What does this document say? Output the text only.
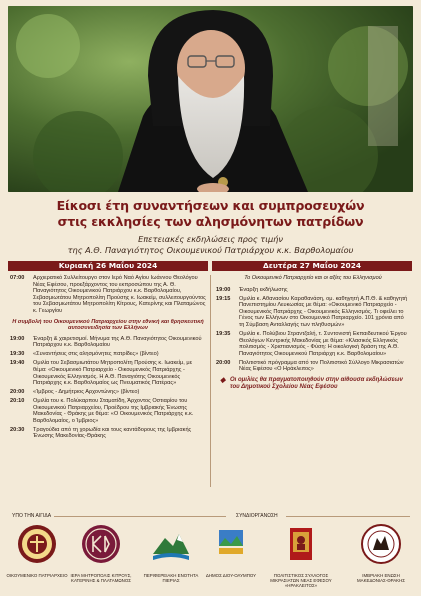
Είκοσι έτη συναντήσεων και συμπροσευχών
στις εκκλησίες των αλησμόνητων πατρίδων
Επετειακές εκδηλώσεις προς τιμήν
της Α.Θ. Παναγιότητος Οικουμενικού Πατριάρχου κ.κ. Βαρθολομαίου
Κυριακή 26 Μαΐου 2024	Δευτέρα 27 Μαΐου 2024
07:00	Αρχιερατικό Συλλείτουργο στον Ιερό Ναό Αγίου Ιωάννου Θεολόγου Νέας Εφέσου, προεξάρχοντος του εκπροσώπου της Α. Θ. Παναγιότητος Οικουμενικού Πατριάρχου κ.κ. Βαρθολομαίου, Σεβασμιωτάτου Μητροπολίτη Προύσης κ. Ιωακείμ, συλλειτουργούντος του Σεβασμιωτάτου Μητροπολίτη Κίτρους, Κατερίνης και Πλαταμώνος κ. Γεωργίου
Η συμβολή του Οικουμενικού Πατριαρχείου στην εθνική και θρησκευτική αυτοσυνειδησία των Ελλήνων
19:00	Έναρξη & χαιρετισμοί. Μήνυμα της Α.Θ. Παναγιότητος Οικουμενικού Πατριάρχου κ.κ. Βαρθολομαίου
19:30	«Συναντήσεις στις αλησμόνητες πατρίδες» (βίντεο)
19:40	Ομιλία του Σεβασμιωτάτου Μητροπολίτη Προύσης κ. Ιωακείμ, με θέμα: «Οικουμενικό Πατριαρχείο - Οικουμενικός Πατριάρχης - Οικουμενικός Ελληνισμός. Η Α.Θ. Παναγιότης Οικουμενικός Πατριάρχης κ.κ. Βαρθολομαίος ως Πνευματικός Πατέρας»
20:00	«Ίμβρος - Δημήτριος Αρχοντώνης» (βίντεο)
20:10	Ομιλία του κ. Πολύκαρπου Σταματίδη, Άρχοντος Οστιαρίου του Οικουμενικού Πατριαρχείου, Προέδρου της Ιμβριακής Ένωσης Μακεδονίας - Θράκης με θέμα: «Ο Οικουμενικός Πατριάρχης κ.κ. Βαρθολομαίος, ο Ίμβριος»
20:30	Τραγούδια από τη χορωδία και τους καντάδορους της Ιμβριακής Ένωσης Μακεδονίας-Θράκης
Το Οικουμενικό Πατριαρχείο και οι αξίες του Ελληνισμού
19:00	Έναρξη εκδήλωσης
19:15	Ομιλία κ. Αθανασίου Καραθανάση, ομ. καθηγητή Α.Π.Θ. & καθηγητή Πανεπιστημίου Λευκωσίας με θέμα: «Οικουμενικό Πατριαρχείο - Οικουμενικός Πατριάρχης - Οικουμενικός Ελληνισμός. Τι οφείλει το Γένος των Ελλήνων στο Οικουμενικό Πατριαρχείο. 101 χρόνια από τη Σύμβαση Ανταλλαγής των πληθυσμών»
19:35	Ομιλία κ. Πολύβιου Στραντζαλή, τ. Συντονιστή Εκπαιδευτικού Έργου Θεολόγων Κεντρικής Μακεδονίας με θέμα: «Κλασικός Ελληνικός πολιτισμός - Χριστιανισμός - Φύση: Η οικολογική δράση της Α.Θ. Παναγιότητος Οικουμενικού Πατριάρχη κ.κ. Βαρθολομαίου»
20:00	Πολιτιστικό πρόγραμμα από τον Πολιτιστικό Σύλλογο Μικρασιατών Νέας Εφέσου «Ο Ηράκλειτος»
◆ Οι ομιλίες θα πραγματοποιηθούν στην αίθουσα εκδηλώσεων του Δημοτικού Σχολείου Νέας Εφέσου
ΥΠΟ ΤΗΝ ΑΙΓΙΔΑ	ΣΥΝΔΙΟΡΓΑΝΩΣΗ
ΟΙΚΟΥΜΕΝΙΚΟ ΠΑΤΡΙΑΡΧΕΙΟ ΙΕΡΑ ΜΗΤΡΟΠΟΛΙΣ ΚΙΤΡΟΥΣ, ΚΑΤΕΡΙΝΗΣ & ΠΛΑΤΑΜΩΝΟΣ
ΠΕΡΙΦΕΡΕΙΑΚΗ ΕΝΟΤΗΤΑ ΠΙΕΡΙΑΣ
ΔΗΜΟΣ ΔΙΟΥ-ΟΛΥΜΠΟΥ	ΠΟΛΙΤΙΣΤΙΚΟΣ ΣΥΛΛΟΓΟΣ ΜΙΚΡΑΣΙΑΤΩΝ ΝΕΑΣ ΕΦΕΣΟΥ «ΗΡΑΚΛΕΙΤΟΣ»
ΙΜΒΡΙΑΚΗ ΕΝΩΣΗ ΜΑΚΕΔΟΝΙΑΣ-ΘΡΑΚΗΣ
